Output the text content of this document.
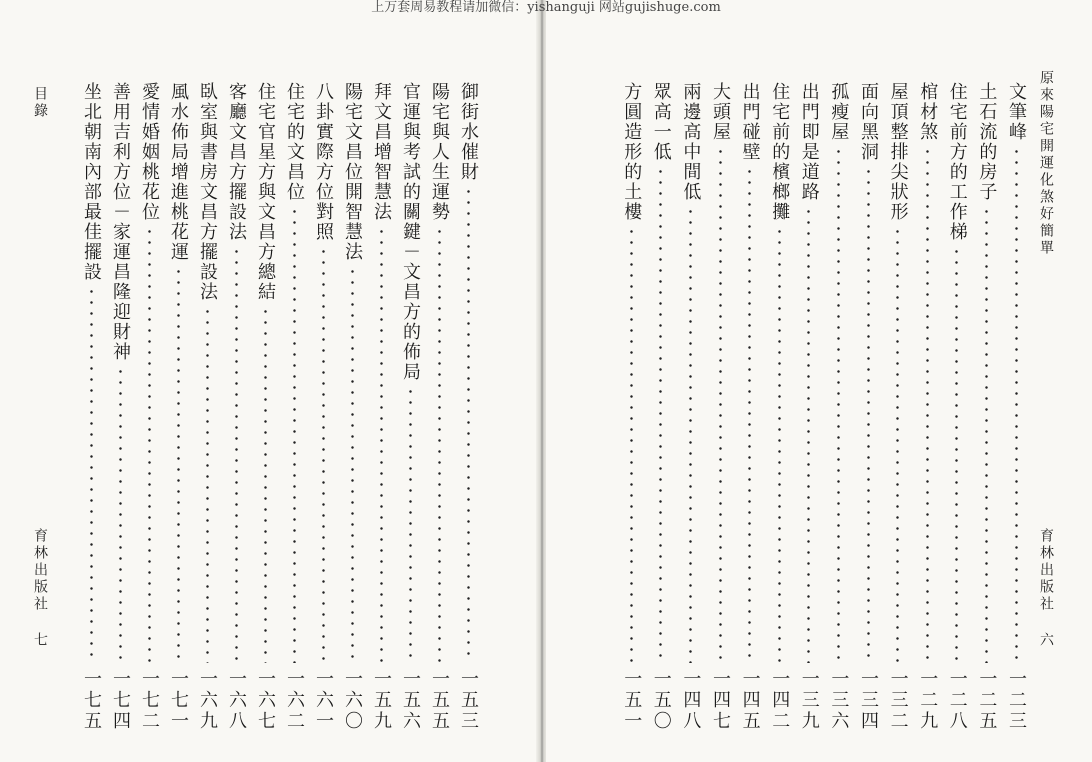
目錄	御街水催財
一五三
陽宅與人生運勢
一五五
官運與考試的關鍵－文昌方的佈局
一五六
拜文昌增智慧法
一五九
陽宅文昌位開智慧法
一六〇
八卦實際方位對照
一六一
住宅的文昌位
一六二
住宅官星方與文昌方總結
一六七
客廳文昌方擺設法
一六八
臥室與書房文昌方擺設法
一六九
風水佈局增進桃花運
一七一
愛情婚姻桃花位
一七二
善用吉利方位－家運昌隆迎財神
一七四
坐北朝南內部最佳擺設
一七五
育林出版社 七
原來陽宅開運化煞好簡單
文筆峰
一二三
土石流的房子
一二五
住宅前方的工作梯
一二八
棺材煞
一二九
屋頂整排尖狀形
一三二
面向黑洞
一三四
孤瘦屋
一三六
出門即是道路
一三九
住宅前的檳榔攤
一四二
出門碰壁
一四五
大頭屋
一四七
兩邊高中間低
一四八
眾高一低
一五〇
方圓造形的土樓
一五一
育林出版社 六
上万套周易教程请加微信：yishanguji 网站gujishuge.com
